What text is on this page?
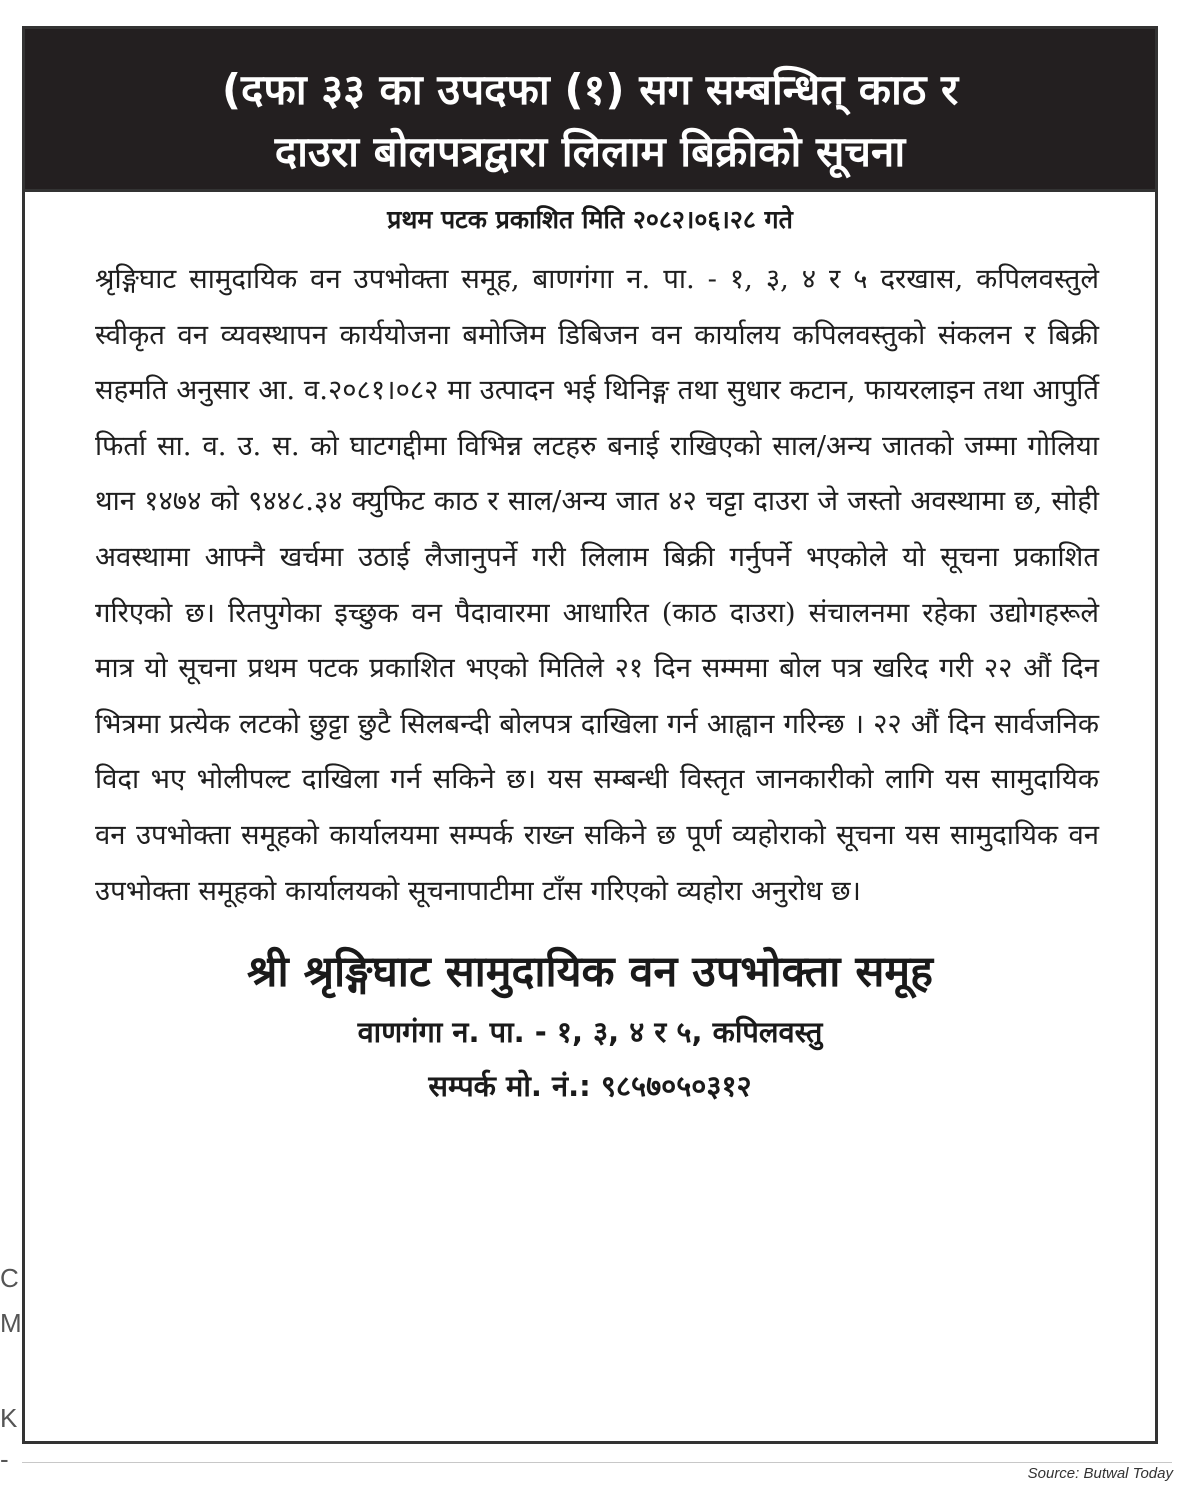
(दफा ३३ का उपदफा (१) सग सम्बन्धित् काठ र
दाउरा बोलपत्रद्वारा लिलाम बिक्रीको सूचना
प्रथम पटक प्रकाशित मिति २०८२।०६।२८ गते
श्रृङ्गिघाट सामुदायिक वन उपभोक्ता समूह, बाणगंगा न. पा. - १, ३, ४ र ५ दरखास, कपिलवस्तुले स्वीकृत वन व्यवस्थापन कार्ययोजना बमोजिम डिबिजन वन कार्यालय कपिलवस्तुको संकलन र बिक्री सहमति अनुसार आ. व.२०८१।०८२ मा उत्पादन भई थिनिङ्ग तथा सुधार कटान, फायरलाइन तथा आपुर्ति फिर्ता सा. व. उ. स. को घाटगद्दीमा विभिन्न लटहरु बनाई राखिएको साल/अन्य जातको जम्मा गोलिया थान १४७४ को ९४४८.३४ क्युफिट काठ र साल/अन्य जात ४२ चट्टा दाउरा जे जस्तो अवस्थामा छ, सोही अवस्थामा आफ्नै खर्चमा उठाई लैजानुपर्ने गरी लिलाम बिक्री गर्नुपर्ने भएकोले यो सूचना प्रकाशित गरिएको छ। रितपुगेका इच्छुक वन पैदावारमा आधारित (काठ दाउरा) संचालनमा रहेका उद्योगहरूले मात्र यो सूचना प्रथम पटक प्रकाशित भएको मितिले २१ दिन सम्ममा बोल पत्र खरिद गरी २२ औं दिन भित्रमा प्रत्येक लटको छुट्टा छुटै सिलबन्दी बोलपत्र दाखिला गर्न आह्वान गरिन्छ । २२ औं दिन सार्वजनिक विदा भए भोलीपल्ट दाखिला गर्न सकिने छ। यस सम्बन्धी विस्तृत जानकारीको लागि यस सामुदायिक वन उपभोक्ता समूहको कार्यालयमा सम्पर्क राख्न सकिने छ पूर्ण व्यहोराको सूचना यस सामुदायिक वन उपभोक्ता समूहको कार्यालयको सूचनापाटीमा टाँस गरिएको व्यहोरा अनुरोध छ।
श्री श्रृङ्गिघाट सामुदायिक वन उपभोक्ता समूह
वाणगंगा न. पा. - १, ३, ४ र ५, कपिलवस्तु
सम्पर्क मो. नं.: ९८५७०५०३१२
C
M
K
-	Source: Butwal Today
